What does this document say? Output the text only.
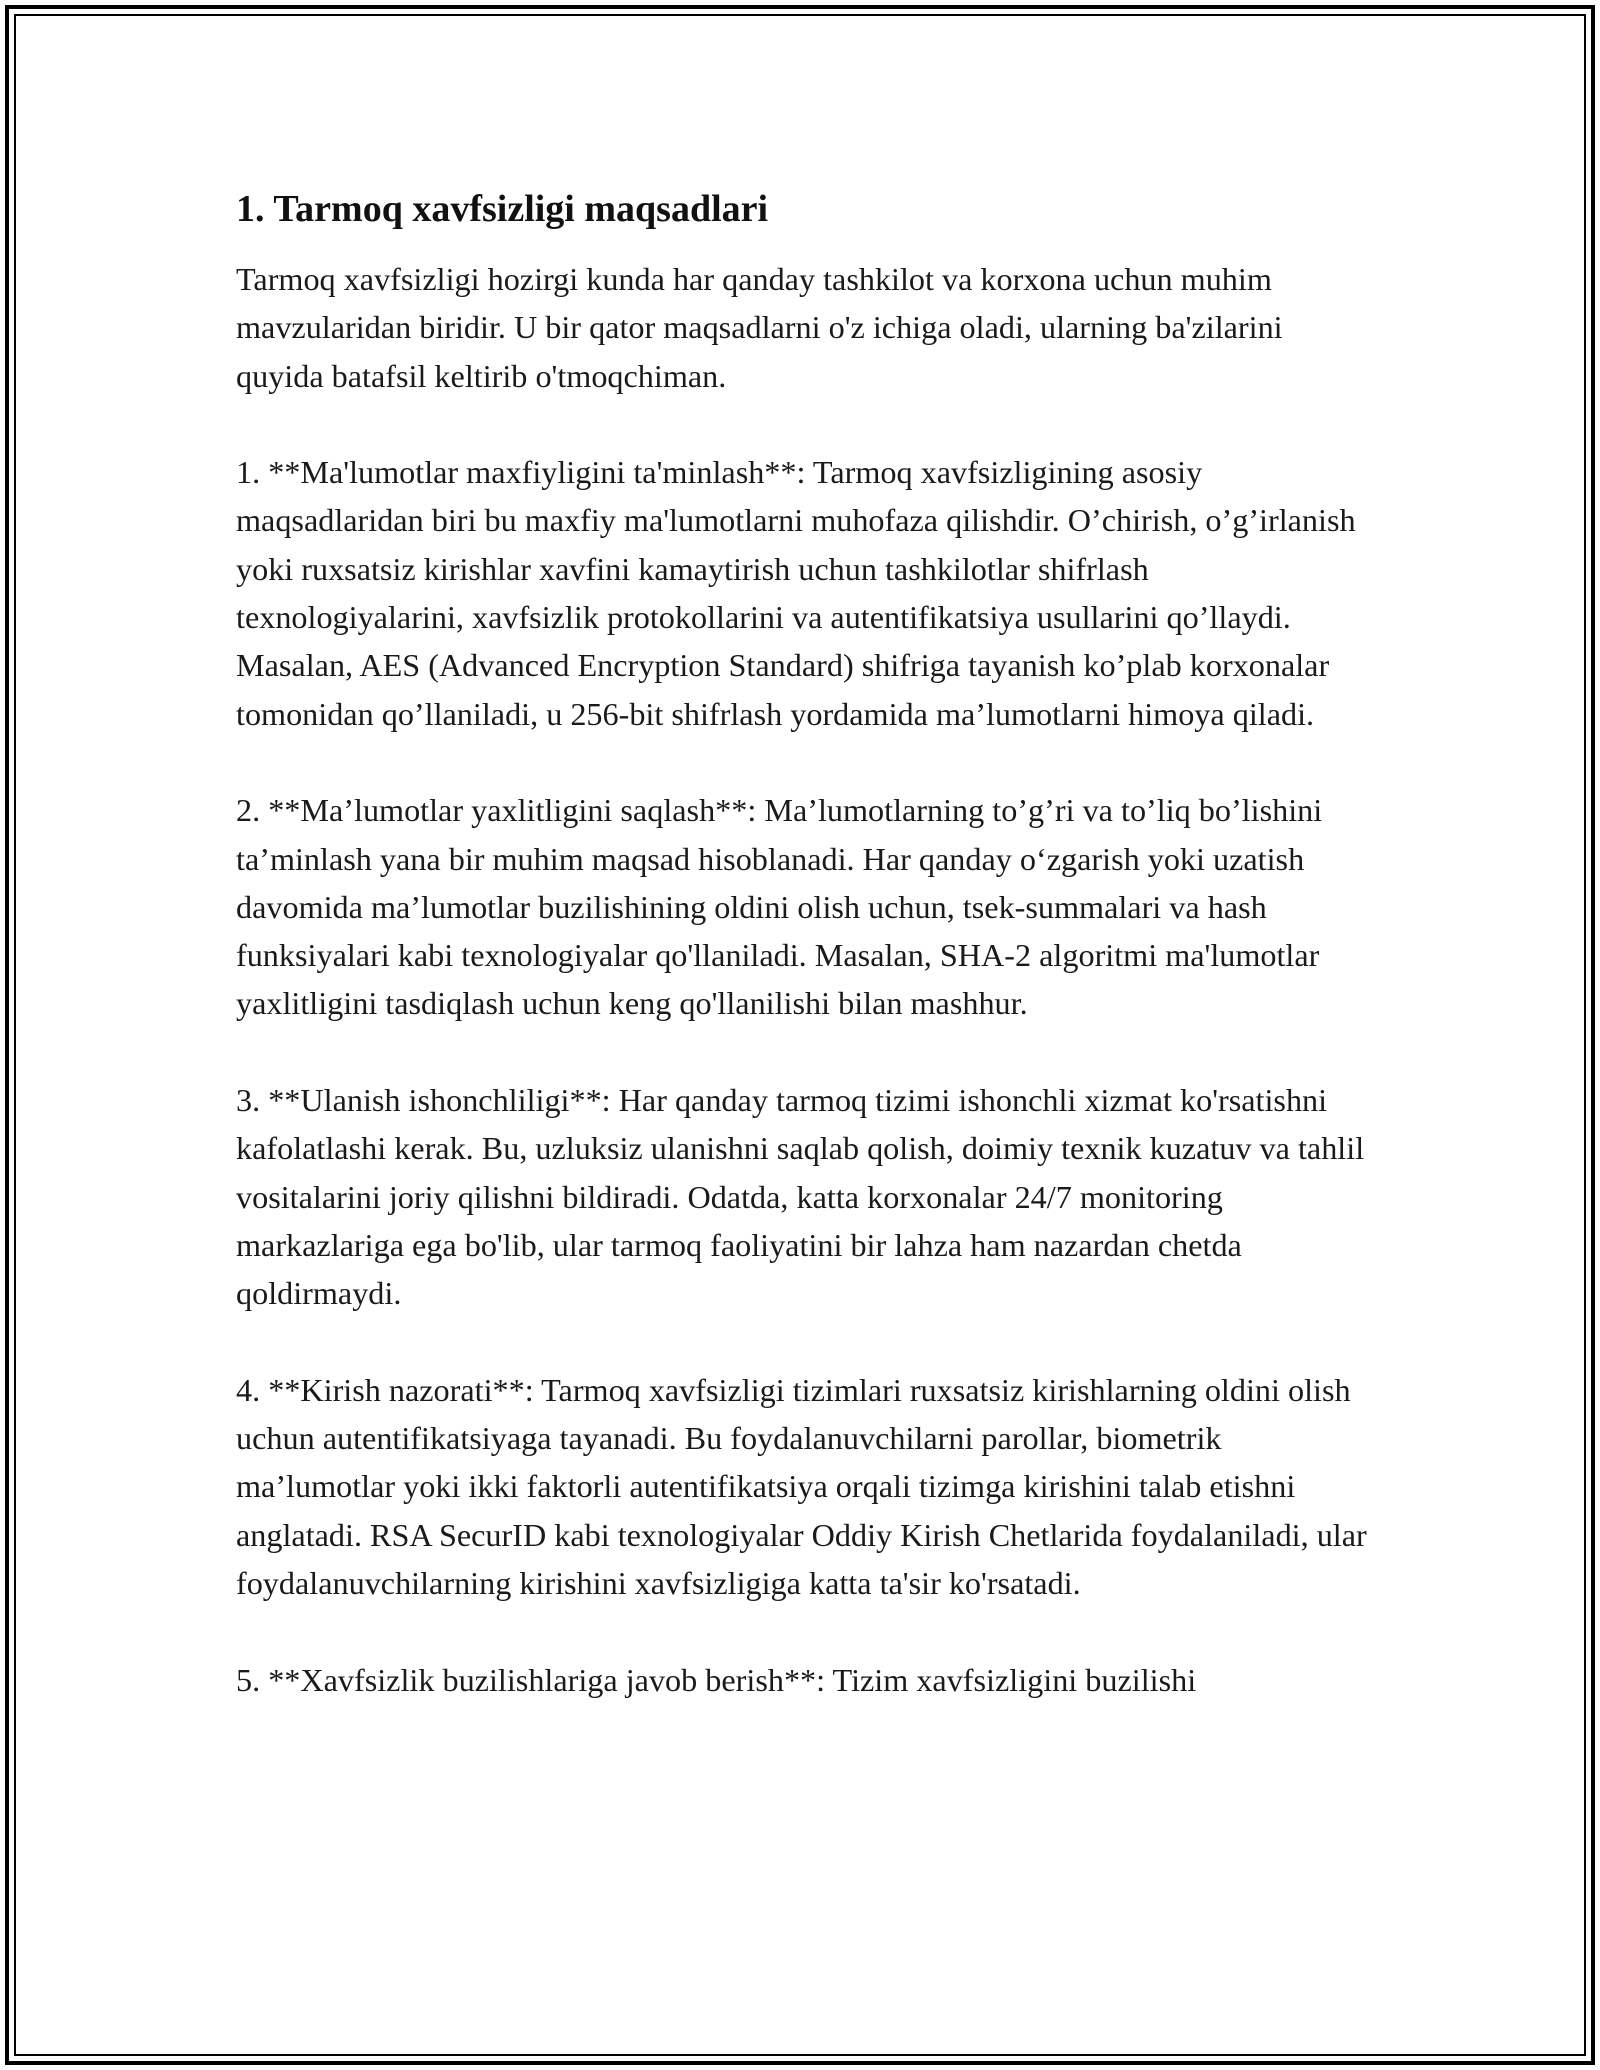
1. Tarmoq xavfsizligi maqsadlari

Tarmoq xavfsizligi hozirgi kunda har qanday tashkilot va korxona uchun muhim mavzularidan biridir. U bir qator maqsadlarni o'z ichiga oladi, ularning ba'zilarini quyida batafsil keltirib o'tmoqchiman.

1. **Ma'lumotlar maxfiyligini ta'minlash**: Tarmoq xavfsizligining asosiy maqsadlaridan biri bu maxfiy ma'lumotlarni muhofaza qilishdir. O’chirish, o’g’irlanish yoki ruxsatsiz kirishlar xavfini kamaytirish uchun tashkilotlar shifrlash texnologiyalarini, xavfsizlik protokollarini va autentifikatsiya usullarini qo’llaydi. Masalan, AES (Advanced Encryption Standard) shifriga tayanish ko’plab korxonalar tomonidan qo’llaniladi, u 256-bit shifrlash yordamida ma’lumotlarni himoya qiladi.

2. **Ma’lumotlar yaxlitligini saqlash**: Ma’lumotlarning to’g’ri va to’liq bo’lishini ta’minlash yana bir muhim maqsad hisoblanadi. Har qanday o‘zgarish yoki uzatish davomida ma’lumotlar buzilishining oldini olish uchun, tsek-summalari va hash funksiyalari kabi texnologiyalar qo'llaniladi. Masalan, SHA-2 algoritmi ma'lumotlar yaxlitligini tasdiqlash uchun keng qo'llanilishi bilan mashhur.

3. **Ulanish ishonchliligi**: Har qanday tarmoq tizimi ishonchli xizmat ko'rsatishni kafolatlashi kerak. Bu, uzluksiz ulanishni saqlab qolish, doimiy texnik kuzatuv va tahlil vositalarini joriy qilishni bildiradi. Odatda, katta korxonalar 24/7 monitoring markazlariga ega bo'lib, ular tarmoq faoliyatini bir lahza ham nazardan chetda qoldirmaydi.

4. **Kirish nazorati**: Tarmoq xavfsizligi tizimlari ruxsatsiz kirishlarning oldini olish uchun autentifikatsiyaga tayanadi. Bu foydalanuvchilarni parollar, biometrik ma’lumotlar yoki ikki faktorli autentifikatsiya orqali tizimga kirishini talab etishni anglatadi. RSA SecurID kabi texnologiyalar Oddiy Kirish Chetlarida foydalaniladi, ular foydalanuvchilarning kirishini xavfsizligiga katta ta'sir ko'rsatadi.

5. **Xavfsizlik buzilishlariga javob berish**: Tizim xavfsizligini buzilishi
